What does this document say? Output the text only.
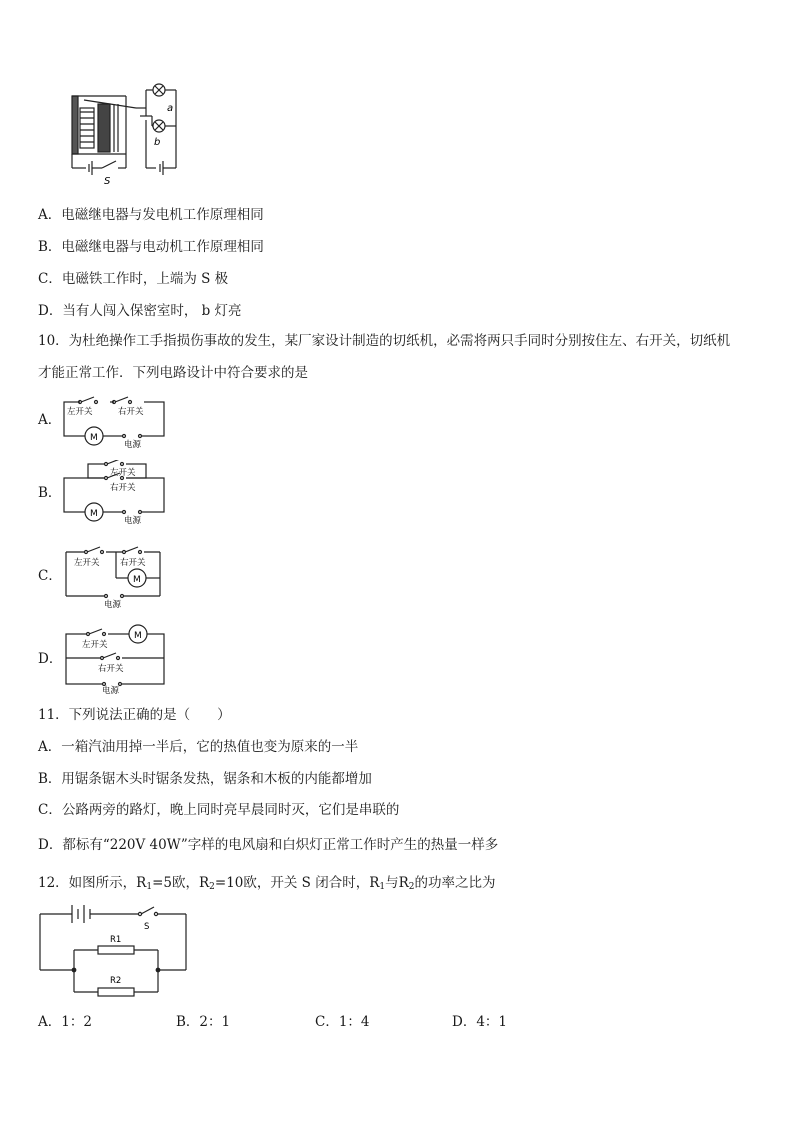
a
b
S
A．电磁继电器与发电机工作原理相同
B．电磁继电器与电动机工作原理相同
C．电磁铁工作时，上端为 S 极
D．当有人闯入保密室时， b 灯亮
10．为杜绝操作工手指损伤事故的发生，某厂家设计制造的切纸机，必需将两只手同时分别按住左、右开关，切纸机
才能正常工作．下列电路设计中符合要求的是
A． 左开关	右开关
M
电源
B．
左开关
右开关
M
电源
C．
左开关 右开关
M
电源
D．
左开关
M
右开关
电源
11．下列说法正确的是（　　）
A．一箱汽油用掉一半后，它的热值也变为原来的一半
B．用锯条锯木头时锯条发热，锯条和木板的内能都增加
C．公路两旁的路灯，晚上同时亮早晨同时灭，它们是串联的
D．都标有“220V 40W”字样的电风扇和白炽灯正常工作时产生的热量一样多
12．如图所示，$R_1=5$欧，$R_2=10$欧，开关 S 闭合时，$R_1$与$R_2$的功率之比为
S
R1
R2
A．1：2	B．2：1	C．1：4	D．4：1
